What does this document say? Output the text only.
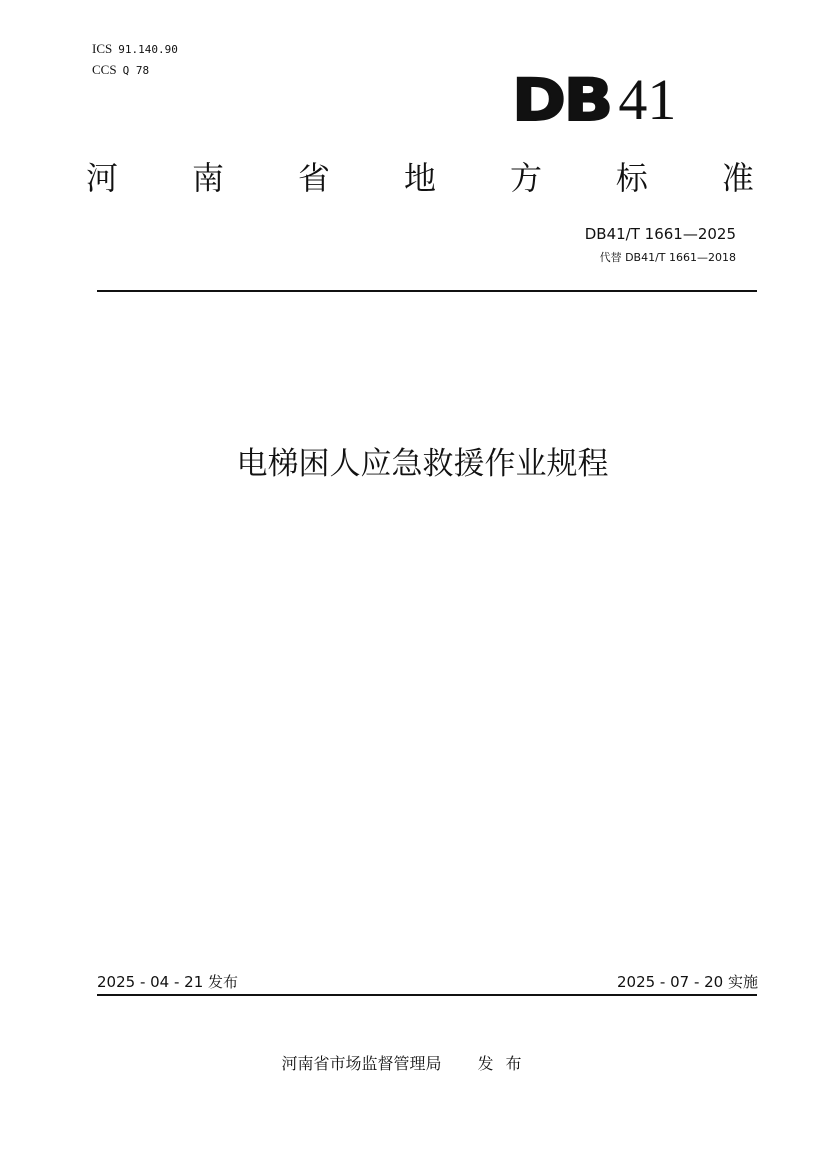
ICS 91.140.90
CCS Q 78	DB 41
河 南 省 地 方 标 准
DB41/T 1661—2025
代替 DB41/T 1661—2018
电梯困人应急救援作业规程
2025 - 04 - 21 发布	2025 - 07 - 20 实施
河南省市场监督管理局 发布
